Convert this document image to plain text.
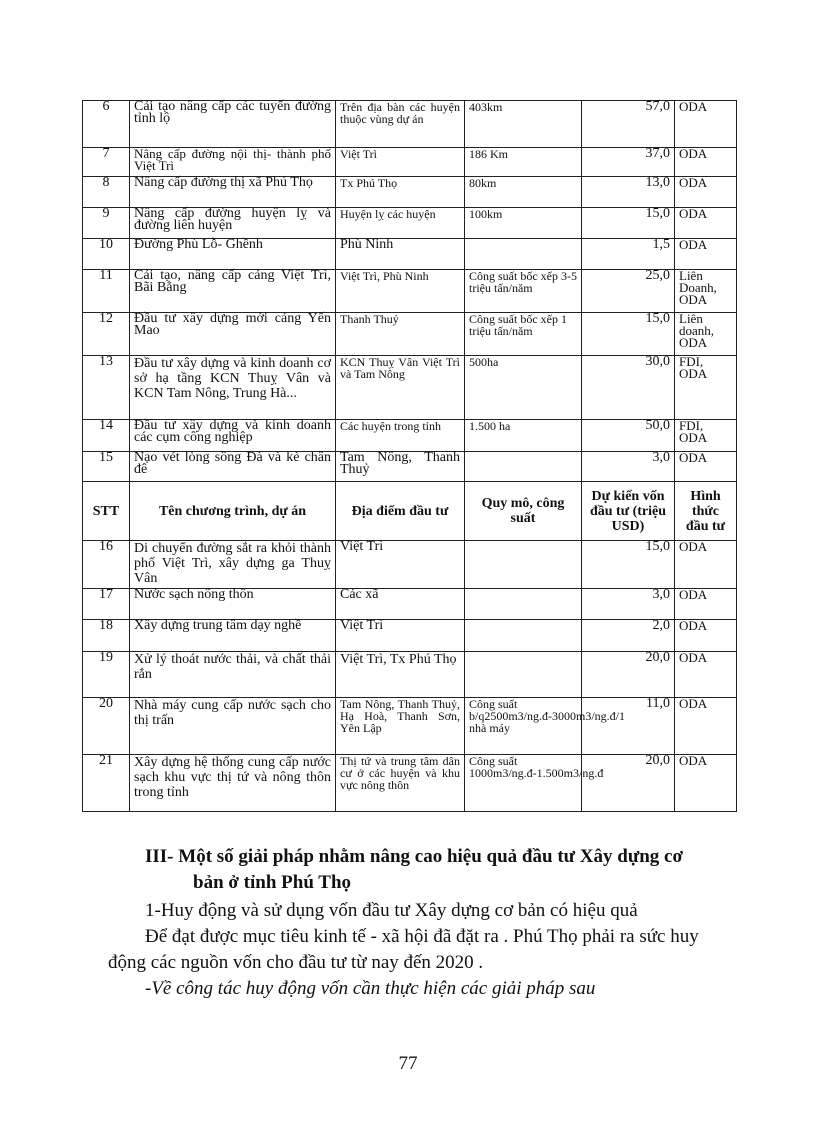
6	Cải tạo nâng cấp các tuyến đường tỉnh lộ	Trên địa bàn các huyện thuộc vùng dự án	403km	57,0	ODA
7	Nâng cấp đường nội thị- thành phố Việt Trì	Việt Trì	186 Km	37,0	ODA
8	Nâng cấp đường thị xã Phú Thọ	Tx Phú Thọ	80km	13,0	ODA
9	Nâng cấp đường huyện lỵ và đường liên huyện	Huyện lỵ các huyện	100km	15,0	ODA
10	Đường Phù Lỗ- Ghềnh	Phù Ninh		1,5	ODA
11	Cải tạo, nâng cấp cảng Việt Trì, Bãi Bằng	Việt Trì, Phù Ninh	Công suất bốc xếp 3-5 triệu tấn/năm	25,0	Liên Doanh, ODA
12	Đầu tư xây dựng mới cảng Yến Mao	Thanh Thuỷ	Công suất bốc xếp 1 triệu tấn/năm	15,0	Liên doanh, ODA
13	Đầu tư xây dựng và kinh doanh cơ sở hạ tầng KCN Thuỵ Vân và KCN Tam Nông, Trung Hà...	KCN Thuỵ Vân Việt Trì và Tam Nông	500ha	30,0	FDI, ODA
14	Đầu tư xây dựng và kinh doanh các cụm công nghiệp	Các huyện trong tỉnh	1.500 ha	50,0	FDI, ODA
15	Nạo vét lòng sông Đà và kè chân đê	Tam Nông, Thanh Thuỷ		3,0	ODA
STT	Tên chương trình, dự án	Địa điểm đầu tư	Quy mô, công suất	Dự kiến vốn đầu tư (triệu USD)	Hình thức đầu tư
16	Di chuyển đường sắt ra khỏi thành phố Việt Trì, xây dựng ga Thuỵ Vân	Việt Trì		15,0	ODA
17	Nước sạch nông thôn	Các xã		3,0	ODA
18	Xây dựng trung tâm dạy nghề	Việt Trì		2,0	ODA
19	Xử lý thoát nước thải, và chất thải rắn	Việt Trì, Tx Phú Thọ		20,0	ODA
20	Nhà máy cung cấp nước sạch cho thị trấn	Tam Nông, Thanh Thuỷ, Hạ Hoà, Thanh Sơn, Yên Lập	Công suất b/q2500m3/ng.đ-3000m3/ng.đ/1 nhà máy	11,0	ODA
21	Xây dựng hệ thống cung cấp nước sạch khu vực thị tứ và nông thôn trong tỉnh	Thị tứ và trung tâm dân cư ở các huyện và khu vực nông thôn	Công suất 1000m3/ng.đ-1.500m3/ng.đ	20,0	ODA
III- Một số giải pháp nhằm nâng cao hiệu quả đầu tư Xây dựng cơ
bản ở tỉnh Phú Thọ
1-Huy động và sử dụng vốn đầu tư Xây dựng cơ bản có hiệu quả
Để đạt được mục tiêu kinh tế - xã hội đã đặt ra . Phú Thọ phải ra sức huy
động các nguồn vốn cho đầu tư từ nay đến 2020 .
-Về công tác huy động vốn cần thực hiện các giải pháp sau
77
